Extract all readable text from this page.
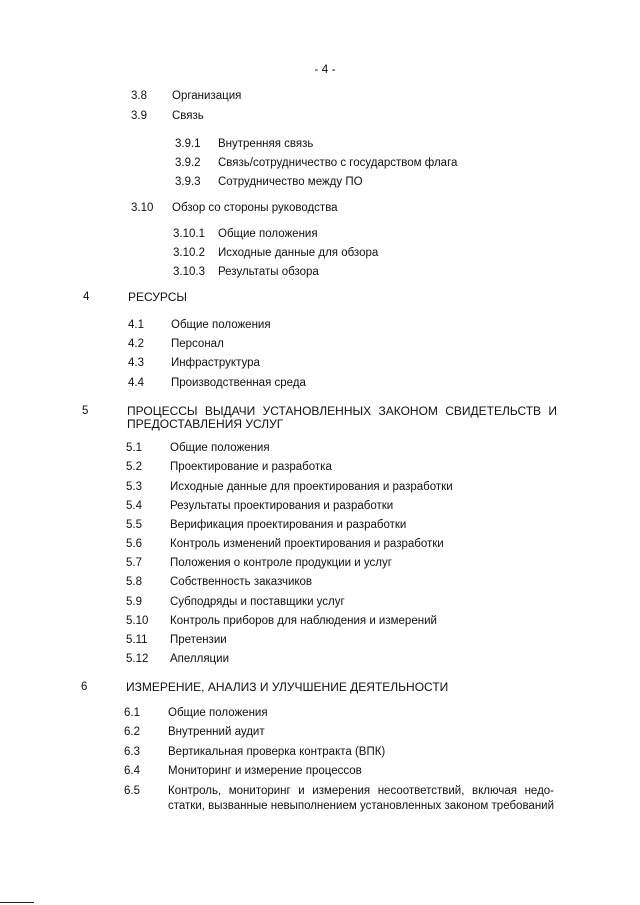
- 4 -
3.8 Организация
3.9 Связь
3.9.1 Внутренняя связь
3.9.2 Связь/сотрудничество с государством флага
3.9.3 Сотрудничество между ПО
3.10 Обзор со стороны руководства
3.10.1 Общие положения
3.10.2 Исходные данные для обзора
3.10.3 Результаты обзора
4	РЕСУРСЫ
4.1 Общие положения
4.2 Персонал
4.3 Инфраструктура
4.4 Производственная среда
5	ПРОЦЕССЫ ВЫДАЧИ УСТАНОВЛЕННЫХ ЗАКОНОМ СВИДЕТЕЛЬСТВ И
ПРЕДОСТАВЛЕНИЯ УСЛУГ
5.1 Общие положения
5.2 Проектирование и разработка
5.3 Исходные данные для проектирования и разработки
5.4 Результаты проектирования и разработки
5.5 Верификация проектирования и разработки
5.6 Контроль изменений проектирования и разработки
5.7 Положения о контроле продукции и услуг
5.8 Собственность заказчиков
5.9 Субподряды и поставщики услуг
5.10 Контроль приборов для наблюдения и измерений
5.11 Претензии
5.12 Апелляции
6	ИЗМЕРЕНИЕ, АНАЛИЗ И УЛУЧШЕНИЕ ДЕЯТЕЛЬНОСТИ
6.1 Общие положения
6.2 Внутренний аудит
6.3 Вертикальная проверка контракта (ВПК)
6.4 Мониторинг и измерение процессов
6.5 Контроль, мониторинг и измерения несоответствий, включая недо-
статки, вызванные невыполнением установленных законом требований
